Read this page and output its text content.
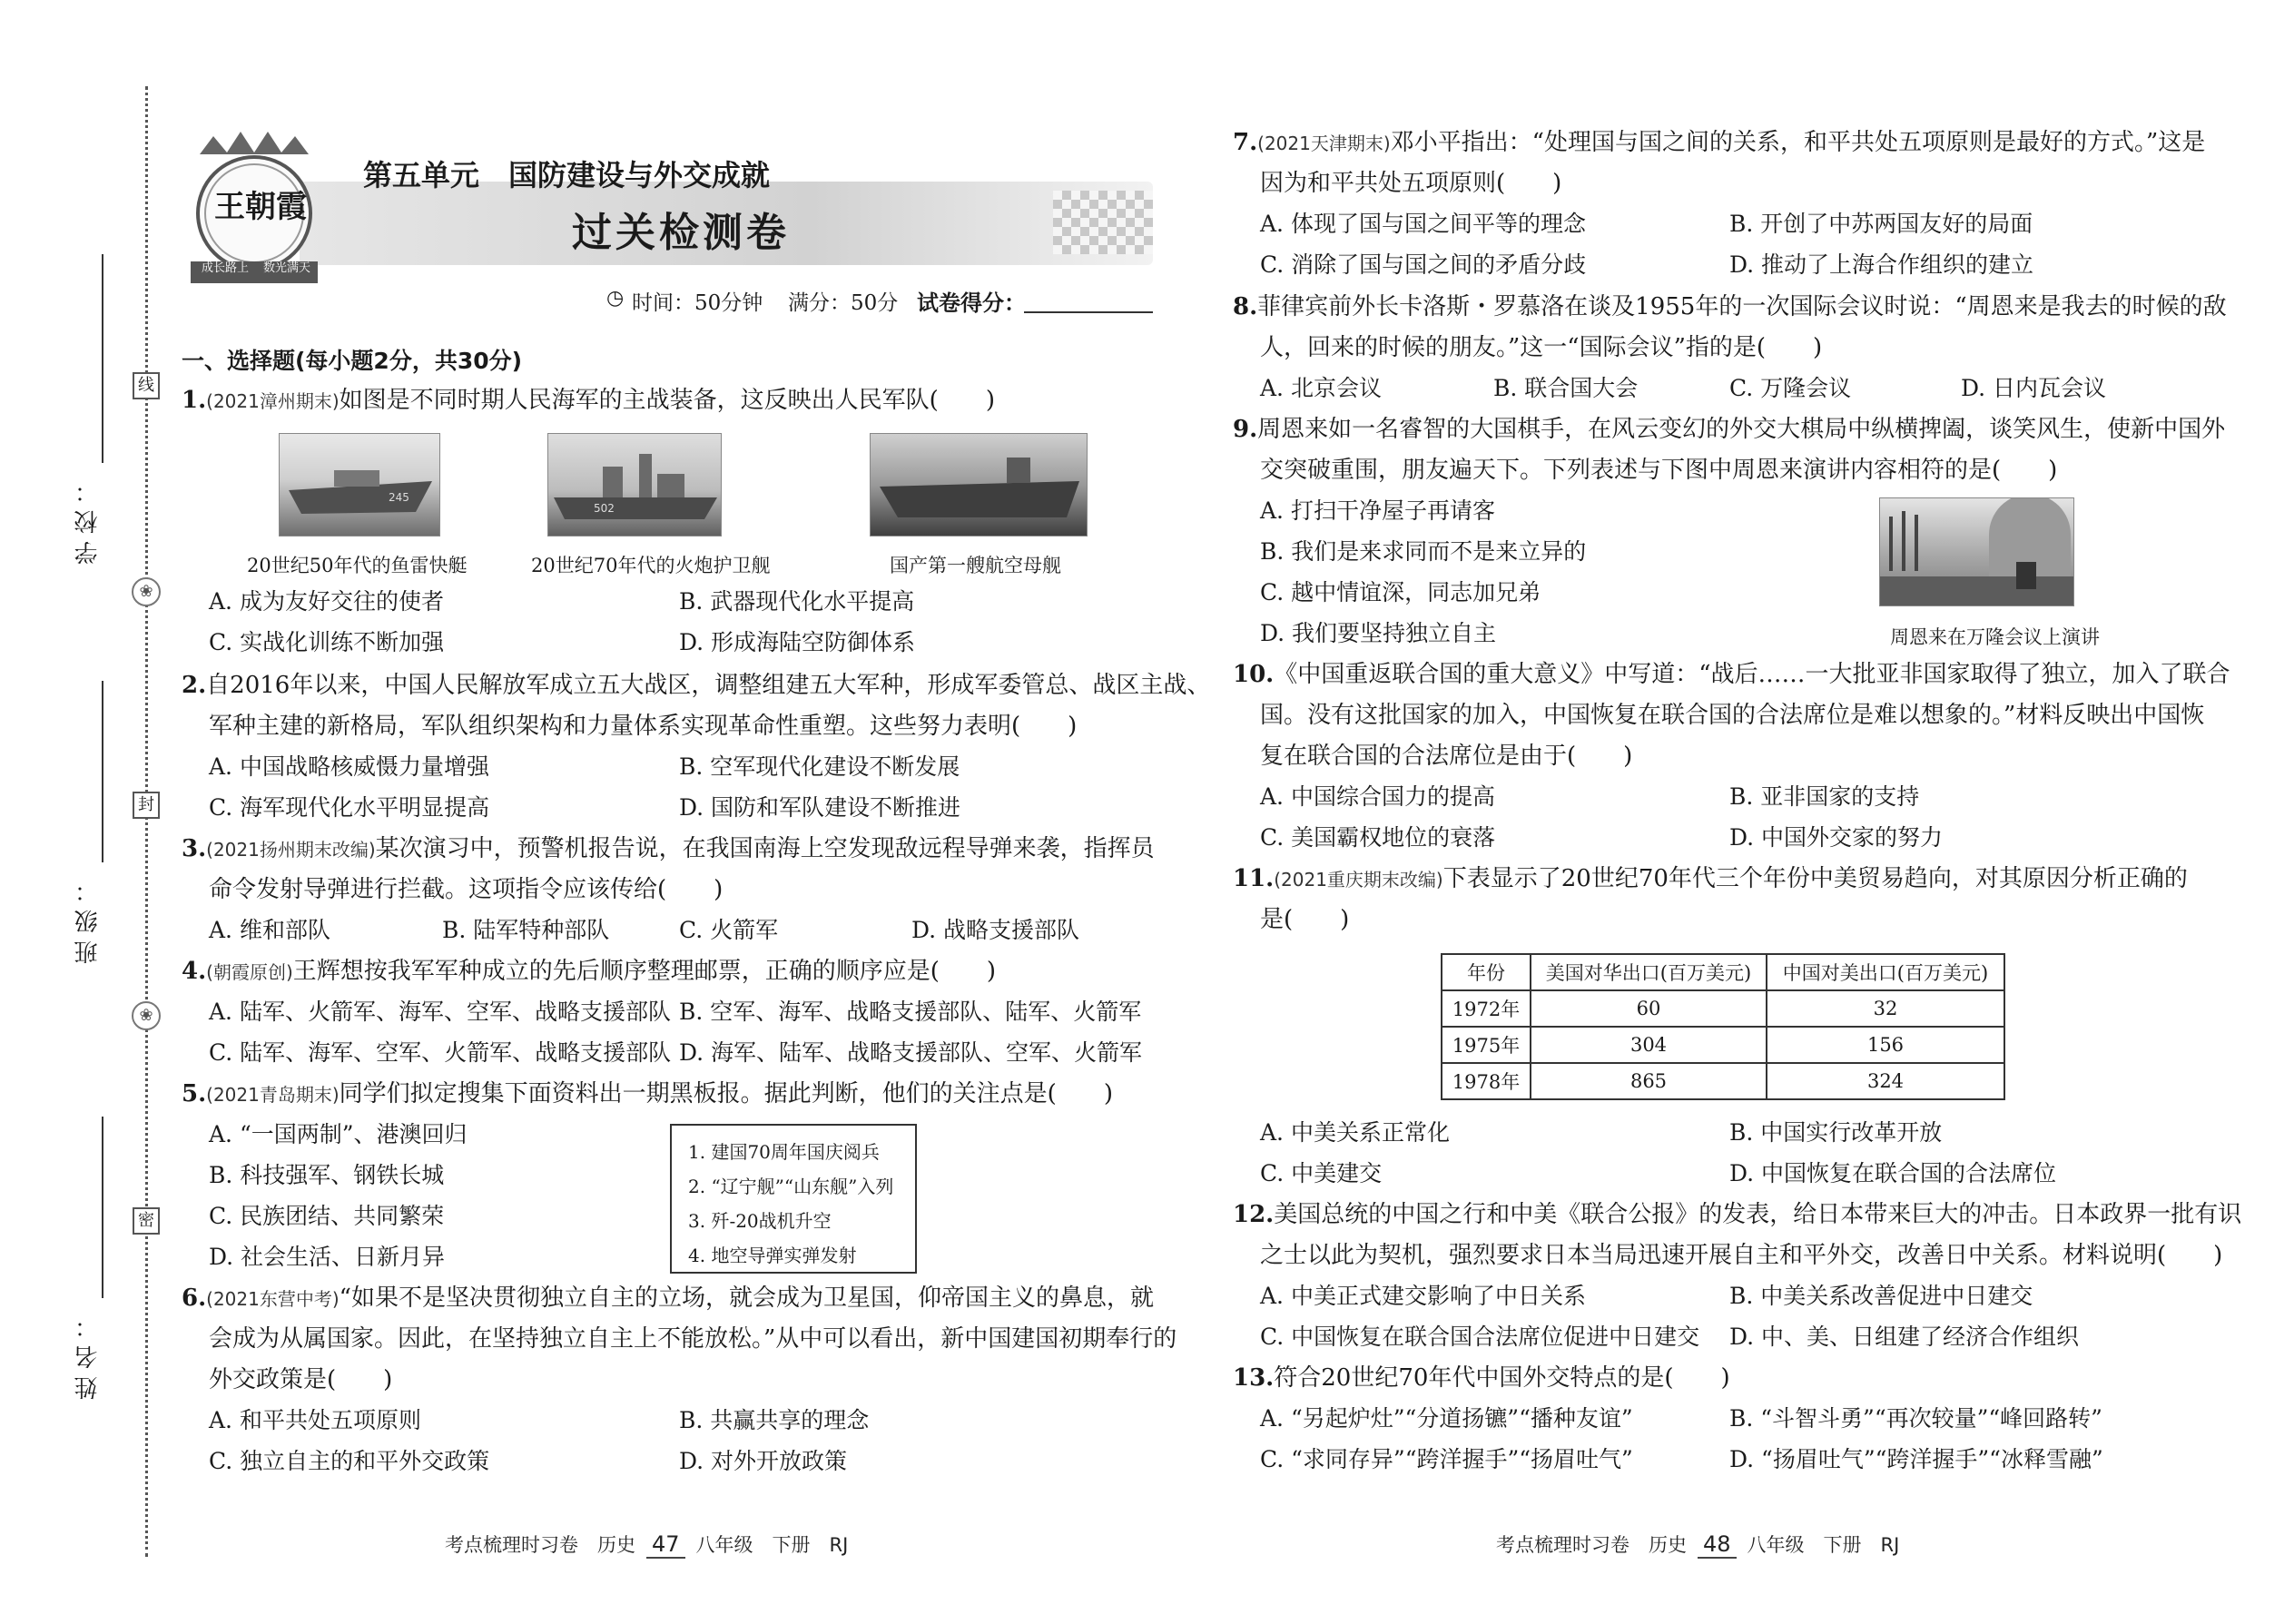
学校：
班级：
姓名：
线
封
密
❀
❀
王朝霞
成长路上 数光满天
第五单元　国防建设与外交成就
过关检测卷
◷ 时间：50分钟 满分：50分 试卷得分：
一、选择题(每小题2分，共30分)
1.(2021漳州期末)如图是不同时期人民海军的主战装备，这反映出人民军队(　　)
245
502
20世纪50年代的鱼雷快艇	20世纪70年代的火炮护卫舰	国产第一艘航空母舰
A. 成为友好交往的使者	B. 武器现代化水平提高
C. 实战化训练不断加强	D. 形成海陆空防御体系
2.自2016年以来，中国人民解放军成立五大战区，调整组建五大军种，形成军委管总、战区主战、
军种主建的新格局，军队组织架构和力量体系实现革命性重塑。这些努力表明(　　)
A. 中国战略核威慑力量增强	B. 空军现代化建设不断发展
C. 海军现代化水平明显提高	D. 国防和军队建设不断推进
3.(2021扬州期末改编)某次演习中，预警机报告说，在我国南海上空发现敌远程导弹来袭，指挥员
命令发射导弹进行拦截。这项指令应该传给(　　)
A. 维和部队	B. 陆军特种部队	C. 火箭军	D. 战略支援部队
4.(朝霞原创)王辉想按我军军种成立的先后顺序整理邮票，正确的顺序应是(　　)
A. 陆军、火箭军、海军、空军、战略支援部队 B. 空军、海军、战略支援部队、陆军、火箭军
C. 陆军、海军、空军、火箭军、战略支援部队 D. 海军、陆军、战略支援部队、空军、火箭军
5.(2021青岛期末)同学们拟定搜集下面资料出一期黑板报。据此判断，他们的关注点是(　　)
A. “一国两制”、港澳回归
B. 科技强军、钢铁长城
C. 民族团结、共同繁荣
D. 社会生活、日新月异
1. 建国70周年国庆阅兵
2. “辽宁舰”“山东舰”入列
3. 歼-20战机升空
4. 地空导弹实弹发射
6.(2021东营中考)“如果不是坚决贯彻独立自主的立场，就会成为卫星国，仰帝国主义的鼻息，就
会成为从属国家。因此，在坚持独立自主上不能放松。”从中可以看出，新中国建国初期奉行的
外交政策是(　　)
A. 和平共处五项原则	B. 共赢共享的理念
C. 独立自主的和平外交政策	D. 对外开放政策
7.(2021天津期末)邓小平指出：“处理国与国之间的关系，和平共处五项原则是最好的方式。”这是
因为和平共处五项原则(　　)
A. 体现了国与国之间平等的理念	B. 开创了中苏两国友好的局面
C. 消除了国与国之间的矛盾分歧	D. 推动了上海合作组织的建立
8.菲律宾前外长卡洛斯・罗慕洛在谈及1955年的一次国际会议时说：“周恩来是我去的时候的敌
人，回来的时候的朋友。”这一“国际会议”指的是(　　)
A. 北京会议	B. 联合国大会	C. 万隆会议	D. 日内瓦会议
9.周恩来如一名睿智的大国棋手，在风云变幻的外交大棋局中纵横捭阖，谈笑风生，使新中国外
交突破重围，朋友遍天下。下列表述与下图中周恩来演讲内容相符的是(　　)
A. 打扫干净屋子再请客
B. 我们是来求同而不是来立异的
C. 越中情谊深，同志加兄弟
D. 我们要坚持独立自主	周恩来在万隆会议上演讲
10.《中国重返联合国的重大意义》中写道：“战后……一大批亚非国家取得了独立，加入了联合
国。没有这批国家的加入，中国恢复在联合国的合法席位是难以想象的。”材料反映出中国恢
复在联合国的合法席位是由于(　　)
A. 中国综合国力的提高	B. 亚非国家的支持
C. 美国霸权地位的衰落	D. 中国外交家的努力
11.(2021重庆期末改编)下表显示了20世纪70年代三个年份中美贸易趋向，对其原因分析正确的
是(　　)
年份	美国对华出口(百万美元)	中国对美出口(百万美元)
1972年	60	32
1975年	304	156
1978年	865	324
A. 中美关系正常化	B. 中国实行改革开放
C. 中美建交	D. 中国恢复在联合国的合法席位
12.美国总统的中国之行和中美《联合公报》的发表，给日本带来巨大的冲击。日本政界一批有识
之士以此为契机，强烈要求日本当局迅速开展自主和平外交，改善日中关系。材料说明(　　)
A. 中美正式建交影响了中日关系	B. 中美关系改善促进中日建交
C. 中国恢复在联合国合法席位促进中日建交 D. 中、美、日组建了经济合作组织
13.符合20世纪70年代中国外交特点的是(　　)
A. “另起炉灶”“分道扬镳”“播种友谊”	B. “斗智斗勇”“再次较量”“峰回路转”
C. “求同存异”“跨洋握手”“扬眉吐气”	D. “扬眉吐气”“跨洋握手”“冰释雪融”
考点梳理时习卷　历史 47 八年级　下册　RJ	考点梳理时习卷　历史 48 八年级　下册　RJ
